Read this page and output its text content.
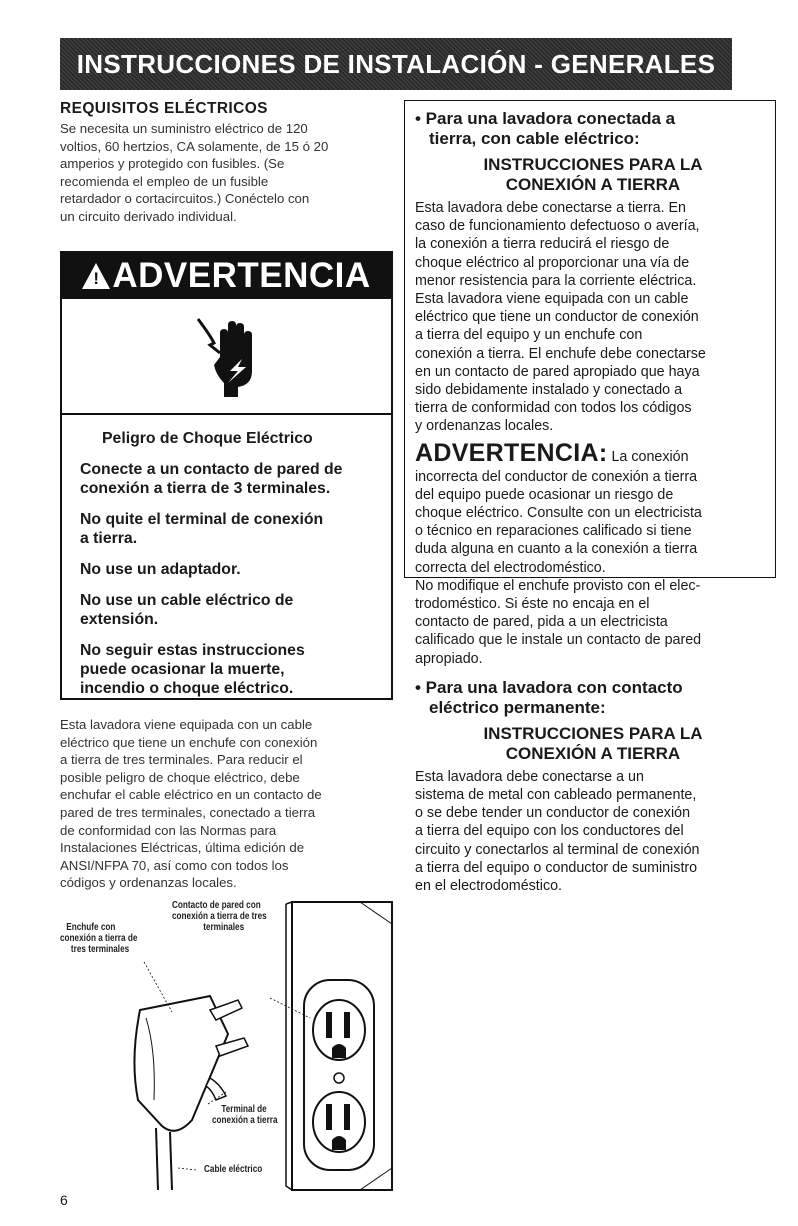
INSTRUCCIONES DE INSTALACIÓN - GENERALES
REQUISITOS ELÉCTRICOS
Se necesita un suministro eléctrico de 120
voltios, 60 hertzios, CA solamente, de 15 ó 20
amperios y protegido con fusibles. (Se
recomienda el empleo de un fusible
retardador o cortacircuitos.) Conéctelo con
un circuito derivado individual.
! ADVERTENCIA

Peligro de Choque Eléctrico

Conecte a un contacto de pared de
conexión a tierra de 3 terminales.

No quite el terminal de conexión
a tierra.

No use un adaptador.

No use un cable eléctrico de
extensión.

No seguir estas instrucciones
puede ocasionar la muerte,
incendio o choque eléctrico.

Esta lavadora viene equipada con un cable
eléctrico que tiene un enchufe con conexión
a tierra de tres terminales. Para reducir el
posible peligro de choque eléctrico, debe
enchufar el cable eléctrico en un contacto de
pared de tres terminales, conectado a tierra
de conformidad con las Normas para
Instalaciones Eléctricas, última edición de
ANSI/NFPA 70, así como con todos los
códigos y ordenanzas locales.
Contacto de pared con
conexión a tierra de tres
terminales
Enchufe con
conexión a tierra de
tres terminales
Terminal de
conexión a tierra
Cable eléctrico
6

• Para una lavadora conectada a
tierra, con cable eléctrico:

INSTRUCCIONES PARA LA
CONEXIÓN A TIERRA

Esta lavadora debe conectarse a tierra. En
caso de funcionamiento defectuoso o avería,
la conexión a tierra reducirá el riesgo de
choque eléctrico al proporcionar una vía de
menor resistencia para la corriente eléctrica.
Esta lavadora viene equipada con un cable
eléctrico que tiene un conductor de conexión
a tierra del equipo y un enchufe con
conexión a tierra. El enchufe debe conectarse
en un contacto de pared apropiado que haya
sido debidamente instalado y conectado a
tierra de conformidad con todos los códigos
y ordenanzas locales.

ADVERTENCIA: La conexión

incorrecta del conductor de conexión a tierra
del equipo puede ocasionar un riesgo de
choque eléctrico. Consulte con un electricista
o técnico en reparaciones calificado si tiene
duda alguna en cuanto a la conexión a tierra
correcta del electrodoméstico.
No modifique el enchufe provisto con el elec-
trodoméstico. Si éste no encaja en el
contacto de pared, pida a un electricista
calificado que le instale un contacto de pared
apropiado.

• Para una lavadora con contacto
eléctrico permanente:

INSTRUCCIONES PARA LA
CONEXIÓN A TIERRA

Esta lavadora debe conectarse a un
sistema de metal con cableado permanente,
o se debe tender un conductor de conexión
a tierra del equipo con los conductores del
circuito y conectarlos al terminal de conexión
a tierra del equipo o conductor de suministro
en el electrodoméstico.
